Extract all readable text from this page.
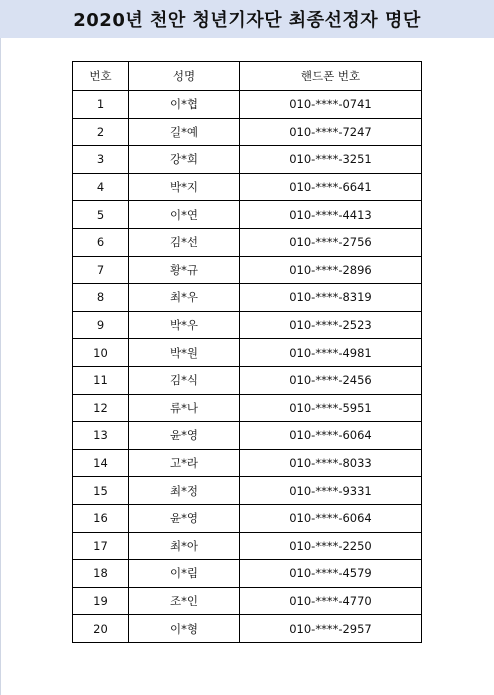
2020년 천안 청년기자단 최종선정자 명단
번호	성명	핸드폰 번호
1	이*협	010-****-0741
2	길*예	010-****-7247
3	강*희	010-****-3251
4	박*지	010-****-6641
5	이*연	010-****-4413
6	김*선	010-****-2756
7	황*규	010-****-2896
8	최*우	010-****-8319
9	박*우	010-****-2523
10	박*원	010-****-4981
11	김*식	010-****-2456
12	류*나	010-****-5951
13	윤*영	010-****-6064
14	고*라	010-****-8033
15	최*정	010-****-9331
16	윤*영	010-****-6064
17	최*아	010-****-2250
18	이*림	010-****-4579
19	조*인	010-****-4770
20	이*형	010-****-2957
